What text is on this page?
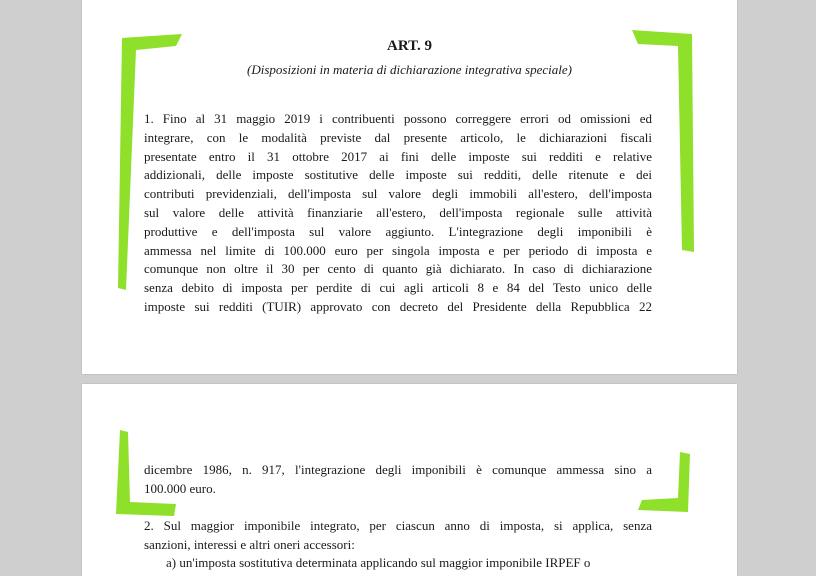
ART. 9

(Disposizioni in materia di dichiarazione integrativa speciale)

1. Fino al 31 maggio 2019 i contribuenti possono correggere errori od omissioni ed
integrare, con le modalità previste dal presente articolo, le dichiarazioni fiscali
presentate entro il 31 ottobre 2017 ai fini delle imposte sui redditi e relative
addizionali, delle imposte sostitutive delle imposte sui redditi, delle ritenute e dei
contributi previdenziali, dell'imposta sul valore degli immobili all'estero, dell'imposta
sul valore delle attività finanziarie all'estero, dell'imposta regionale sulle attività
produttive e dell'imposta sul valore aggiunto. L'integrazione degli imponibili è
ammessa nel limite di 100.000 euro per singola imposta e per periodo di imposta e
comunque non oltre il 30 per cento di quanto già dichiarato. In caso di dichiarazione
senza debito di imposta per perdite di cui agli articoli 8 e 84 del Testo unico delle
imposte sui redditi (TUIR) approvato con decreto del Presidente della Repubblica 22

dicembre 1986, n. 917, l'integrazione degli imponibili è comunque ammessa sino a
100.000 euro.

2. Sul maggior imponibile integrato, per ciascun anno di imposta, si applica, senza
sanzioni, interessi e altri oneri accessori:

a) un'imposta sostitutiva determinata applicando sul maggior imponibile IRPEF o
